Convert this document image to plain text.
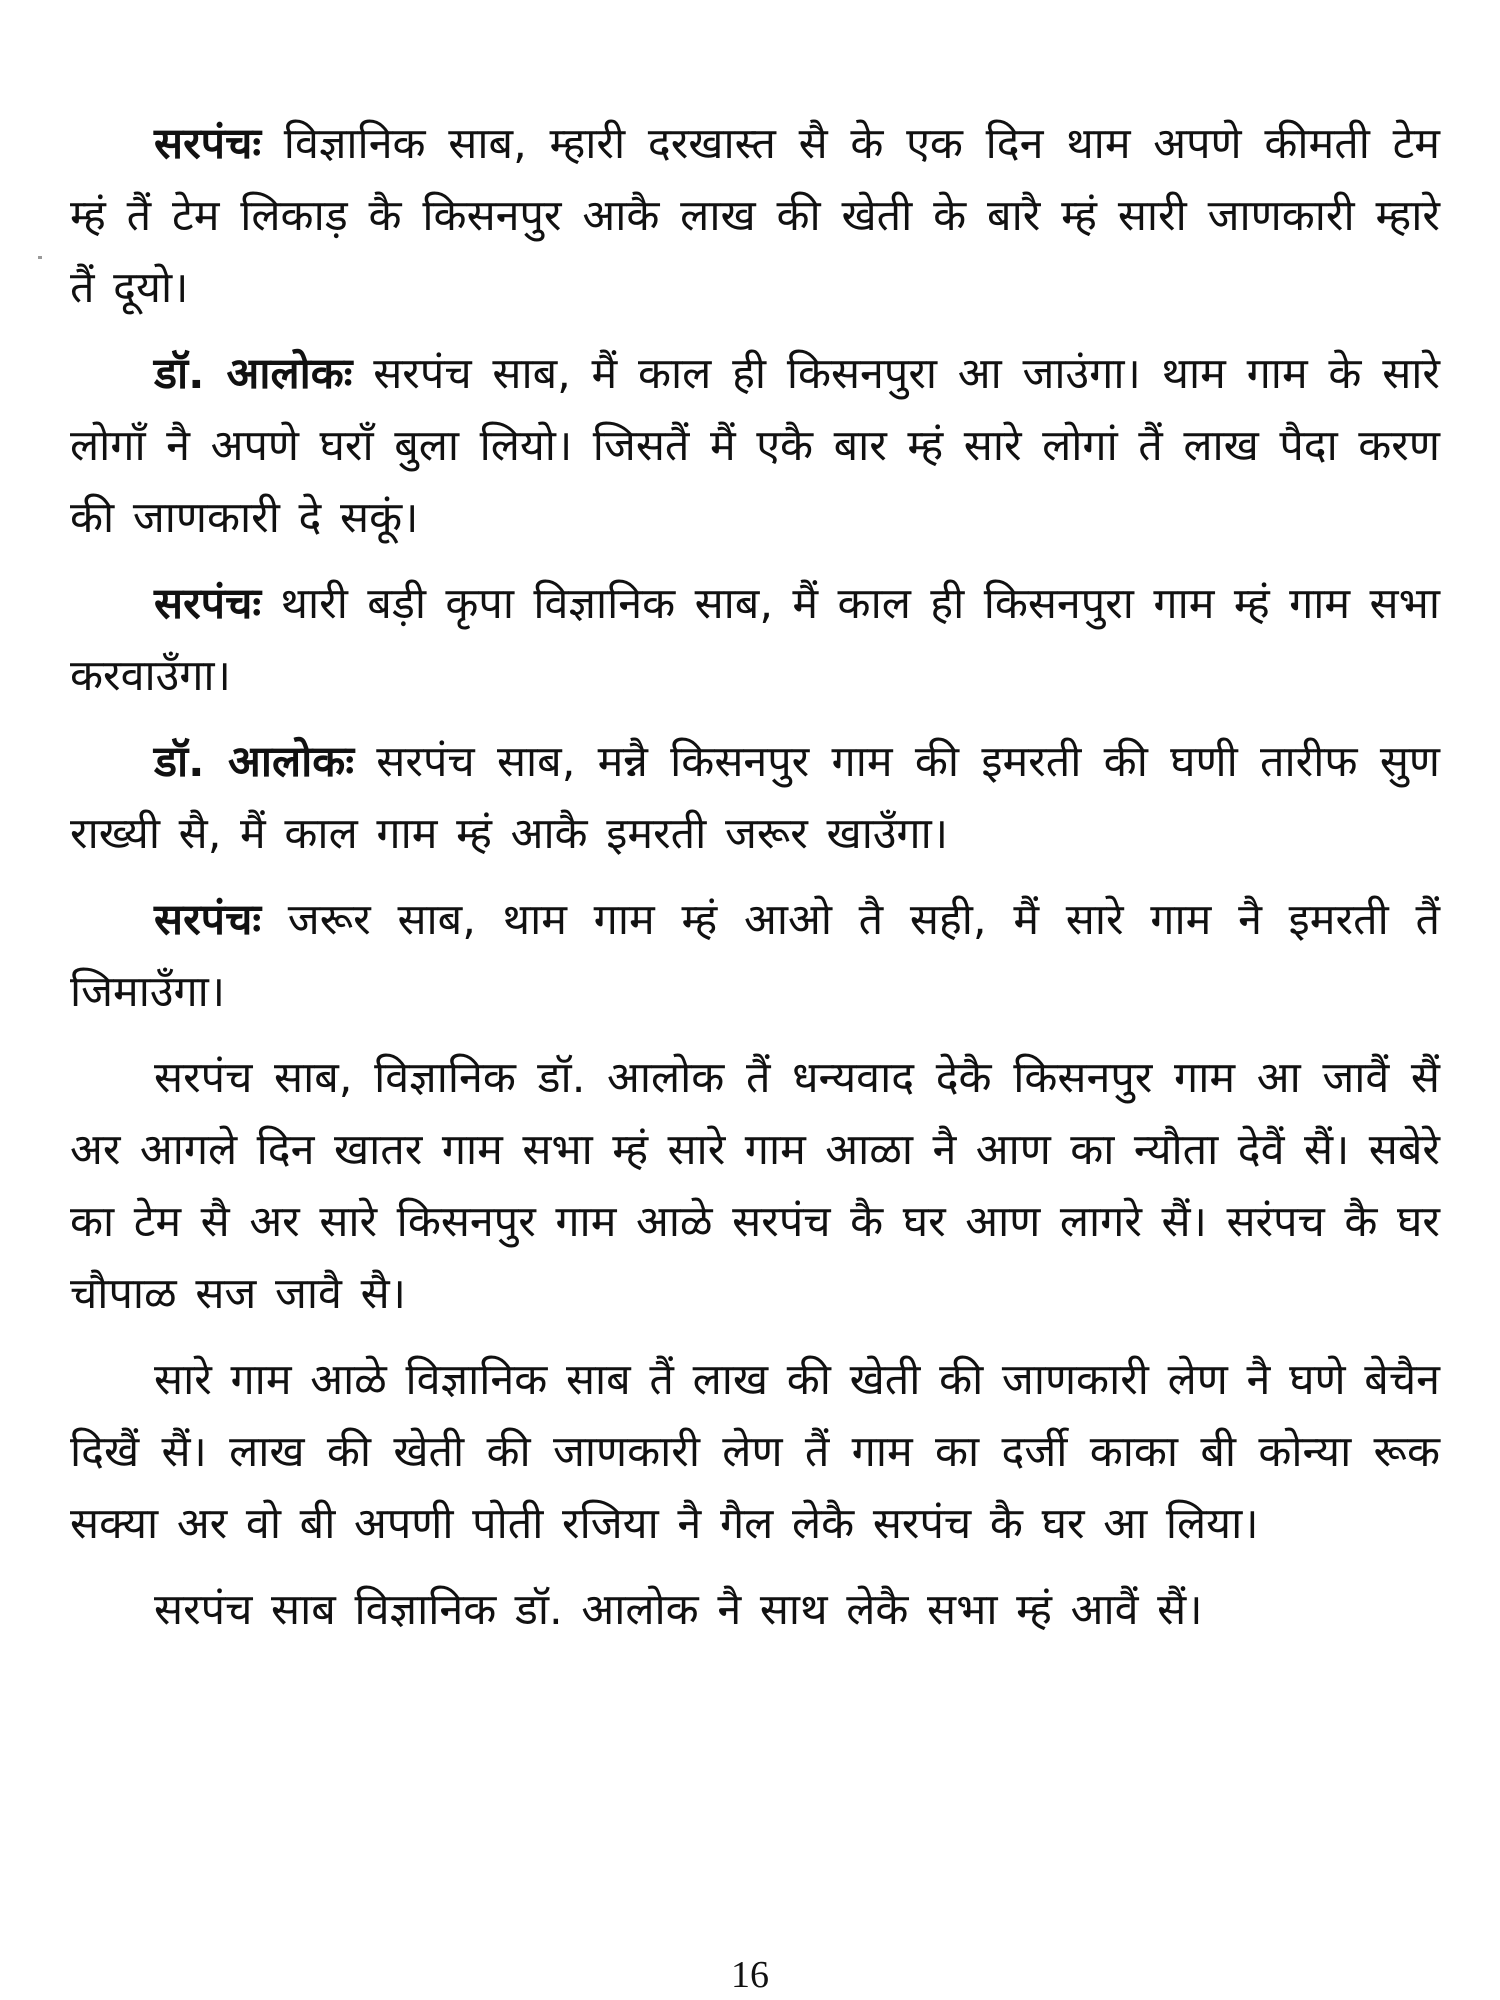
सरपंचः विज्ञानिक साब, म्हारी दरखास्त सै के एक दिन थाम अपणे कीमती टेम म्हं तैं टेम लिकाड़ कै किसनपुर आकै लाख की खेती के बारै म्हं सारी जाणकारी म्हारे तैं दूयो।

डॉ. आलोकः सरपंच साब, मैं काल ही किसनपुरा आ जाउंगा। थाम गाम के सारे लोगाँ नै अपणे घराँ बुला लियो। जिसतैं मैं एकै बार म्हं सारे लोगां तैं लाख पैदा करण की जाणकारी दे सकूं।

सरपंचः थारी बड़ी कृपा विज्ञानिक साब, मैं काल ही किसनपुरा गाम म्हं गाम सभा करवाउँगा।

डॉ. आलोकः सरपंच साब, मन्नै किसनपुर गाम की इमरती की घणी तारीफ सुण राख्यी सै, मैं काल गाम म्हं आकै इमरती जरूर खाउँगा।

सरपंचः जरूर साब, थाम गाम म्हं आओ तै सही, मैं सारे गाम नै इमरती तैं जिमाउँगा।

सरपंच साब, विज्ञानिक डॉ. आलोक तैं धन्यवाद देकै किसनपुर गाम आ जावैं सैं अर आगले दिन खातर गाम सभा म्हं सारे गाम आळा नै आण का न्यौता देवैं सैं। सबेरे का टेम सै अर सारे किसनपुर गाम आळे सरपंच कै घर आण लागरे सैं। सरंपच कै घर चौपाळ सज जावै सै।

सारे गाम आळे विज्ञानिक साब तैं लाख की खेती की जाणकारी लेण नै घणे बेचैन दिखैं सैं। लाख की खेती की जाणकारी लेण तैं गाम का दर्जी काका बी कोन्या रूक सक्या अर वो बी अपणी पोती रजिया नै गैल लेकै सरपंच कै घर आ लिया।

सरपंच साब विज्ञानिक डॉ. आलोक नै साथ लेकै सभा म्हं आवैं सैं।

16
